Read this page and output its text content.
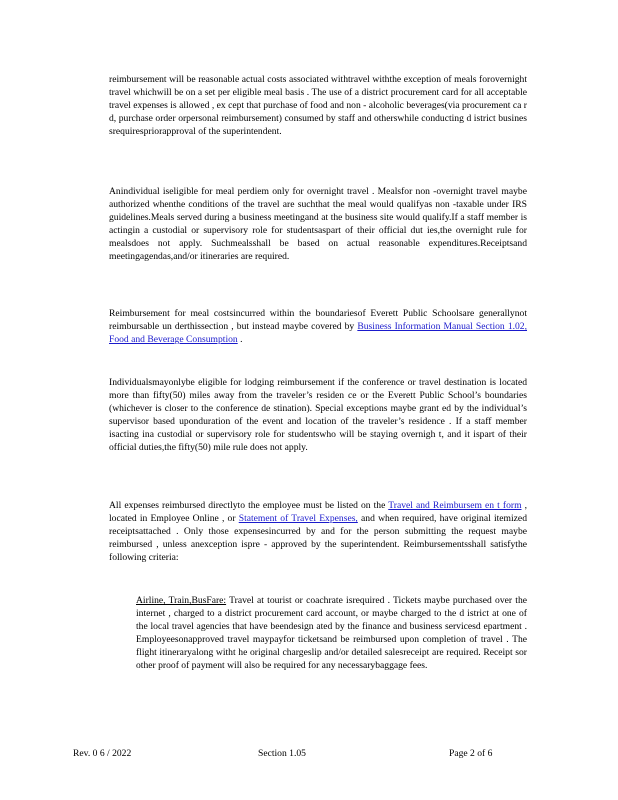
reimbursement will be reasonable actual costs associated withtravel withthe exception of meals forovernight travel whichwill be on a set per eligible meal basis . The use of a district procurement card for all acceptable travel expenses is allowed , ex cept that purchase of food and non - alcoholic beverages(via procurement ca r d, purchase order orpersonal reimbursement) consumed by staff and otherswhile conducting d istrict busines srequirespriorapproval of the superintendent.

Anindividual iseligible for meal perdiem only for overnight travel . Mealsfor non -overnight travel maybe authorized whenthe conditions of the travel are suchthat the meal would qualifyas non -taxable under IRS guidelines.Meals served during a business meetingand at the business site would qualify.If a staff member is actingin a custodial or supervisory role for studentsaspart of their official dut ies,the overnight rule for mealsdoes not apply. Suchmealsshall be based on actual reasonable expenditures.Receiptsand meetingagendas,and/or itineraries are required.

Reimbursement for meal costsincurred within the boundariesof Everett Public Schoolsare generallynot reimbursable un derthissection , but instead maybe covered by Business Information Manual Section 1.02, Food and Beverage Consumption .

Individualsmayonlybe eligible for lodging reimbursement if the conference or travel destination is located more than fifty(50) miles away from the traveler’s residen ce or the Everett Public School’s boundaries (whichever is closer to the conference de stination). Special exceptions maybe grant ed by the individual’s supervisor based uponduration of the event and location of the traveler’s residence . If a staff member isacting ina custodial or supervisory role for studentswho will be staying overnigh t, and it ispart of their official duties,the fifty(50) mile rule does not apply.

All expenses reimbursed directlyto the employee must be listed on the Travel and Reimbursem en t form , located in Employee Online , or Statement of Travel Expenses, and when required, have original itemized receiptsattached . Only those expensesincurred by and for the person submitting the request maybe reimbursed , unless anexception ispre - approved by the superintendent. Reimbursementsshall satisfythe following criteria:

Airline, Train,BusFare: Travel at tourist or coachrate isrequired . Tickets maybe purchased over the internet , charged to a district procurement card account, or maybe charged to the d istrict at one of the local travel agencies that have beendesign ated by the finance and business servicesd epartment . Employeesonapproved travel maypayfor ticketsand be reimbursed upon completion of travel . The flight itineraryalong witht he original chargeslip and/or detailed salesreceipt are required. Receipt sor other proof of payment will also be required for any necessarybaggage fees.

Rev. 0 6 / 2022	Section 1.05	Page 2 of 6
